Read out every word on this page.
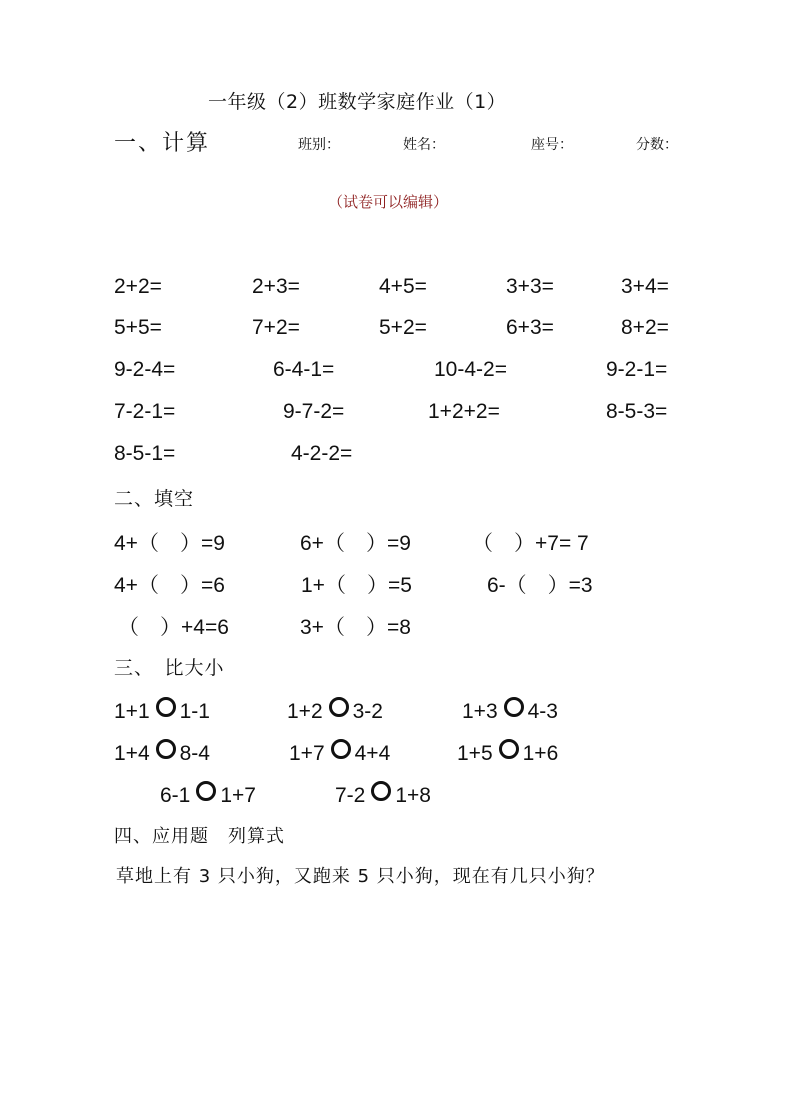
一年级（2）班数学家庭作业（1）
一、计算	班别：	姓名：	座号：	分数：
（试卷可以编辑）
2+2=	2+3=	4+5=	3+3=	3+4=
5+5=	7+2=	5+2=	6+3=	8+2=
9-2-4=	6-4-1=	10-4-2=	9-2-1=
7-2-1=	9-7-2=	1+2+2=	8-5-3=
8-5-1=	4-2-2=
二、填空
4+（　）=9	6+（　）=9	（　）+7= 7
4+（　）=6	1+（　）=5	6-（　）=3
（　）+4=6	3+（　）=8
三、　比大小
1+1 1-1	1+2 3-2	1+3 4-3
1+4 8-4	1+7 4+4	1+5 1+6
6-1 1+7	7-2 1+8
四、应用题　列算式
草地上有 3 只小狗，又跑来 5 只小狗，现在有几只小狗？
